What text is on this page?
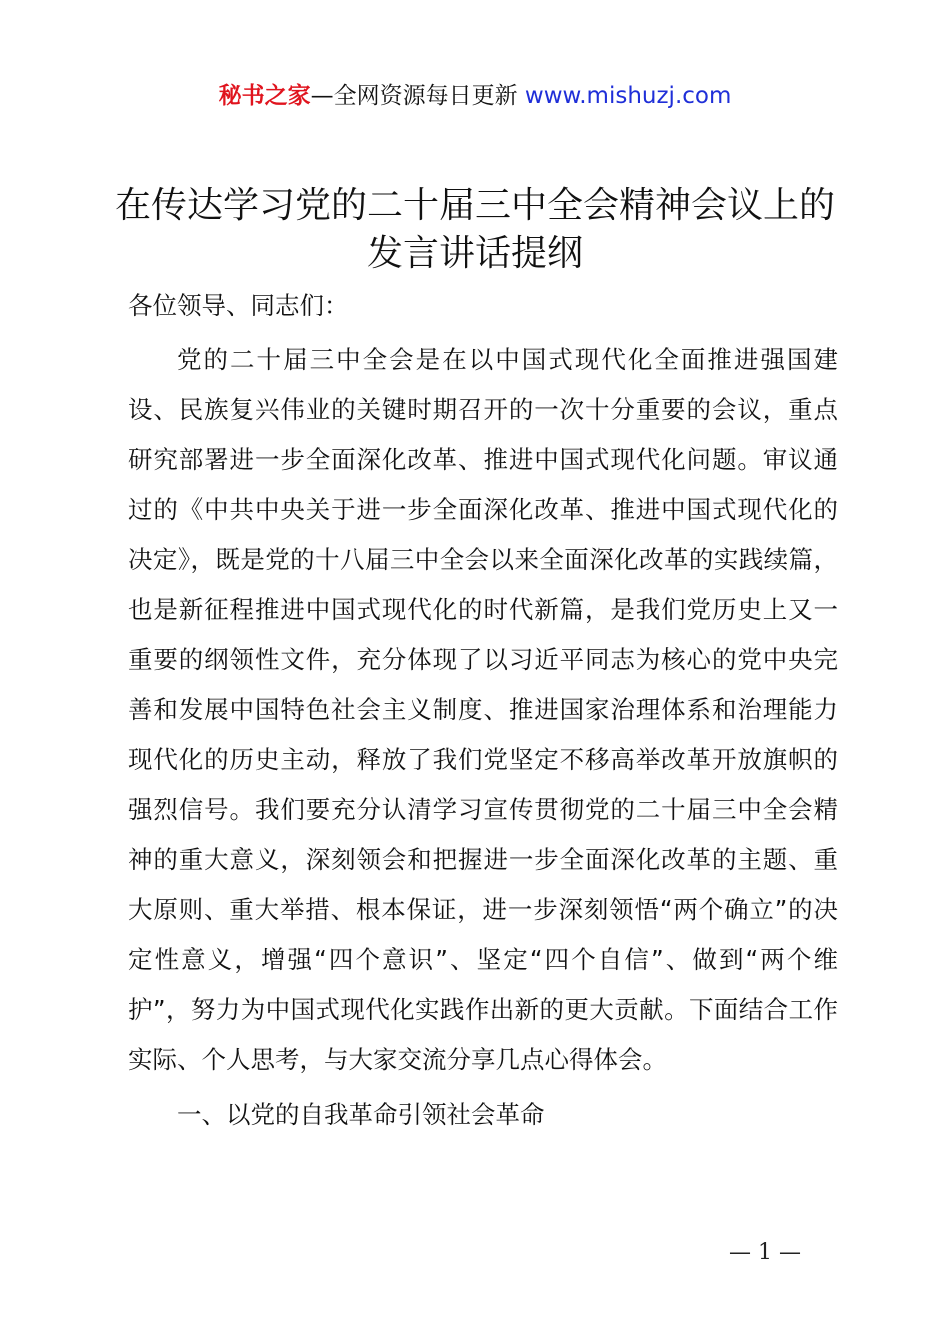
秘书之家—全网资源每日更新 www.mishuzj.com
在传达学习党的二十届三中全会精神会议上的
发言讲话提纲
各位领导、同志们：
党的二十届三中全会是在以中国式现代化全面推进强国建设、民族复兴伟业的关键时期召开的一次十分重要的会议，重点研究部署进一步全面深化改革、推进中国式现代化问题。审议通过的《中共中央关于进一步全面深化改革、推进中国式现代化的决定》，既是党的十八届三中全会以来全面深化改革的实践续篇，也是新征程推进中国式现代化的时代新篇，是我们党历史上又一重要的纲领性文件，充分体现了以习近平同志为核心的党中央完善和发展中国特色社会主义制度、推进国家治理体系和治理能力现代化的历史主动，释放了我们党坚定不移高举改革开放旗帜的强烈信号。我们要充分认清学习宣传贯彻党的二十届三中全会精神的重大意义，深刻领会和把握进一步全面深化改革的主题、重大原则、重大举措、根本保证，进一步深刻领悟“两个确立”的决定性意义，增强“四个意识”、坚定“四个自信”、做到“两个维护”，努力为中国式现代化实践作出新的更大贡献。下面结合工作实际、个人思考，与大家交流分享几点心得体会。
一、以党的自我革命引领社会革命
— 1 —
